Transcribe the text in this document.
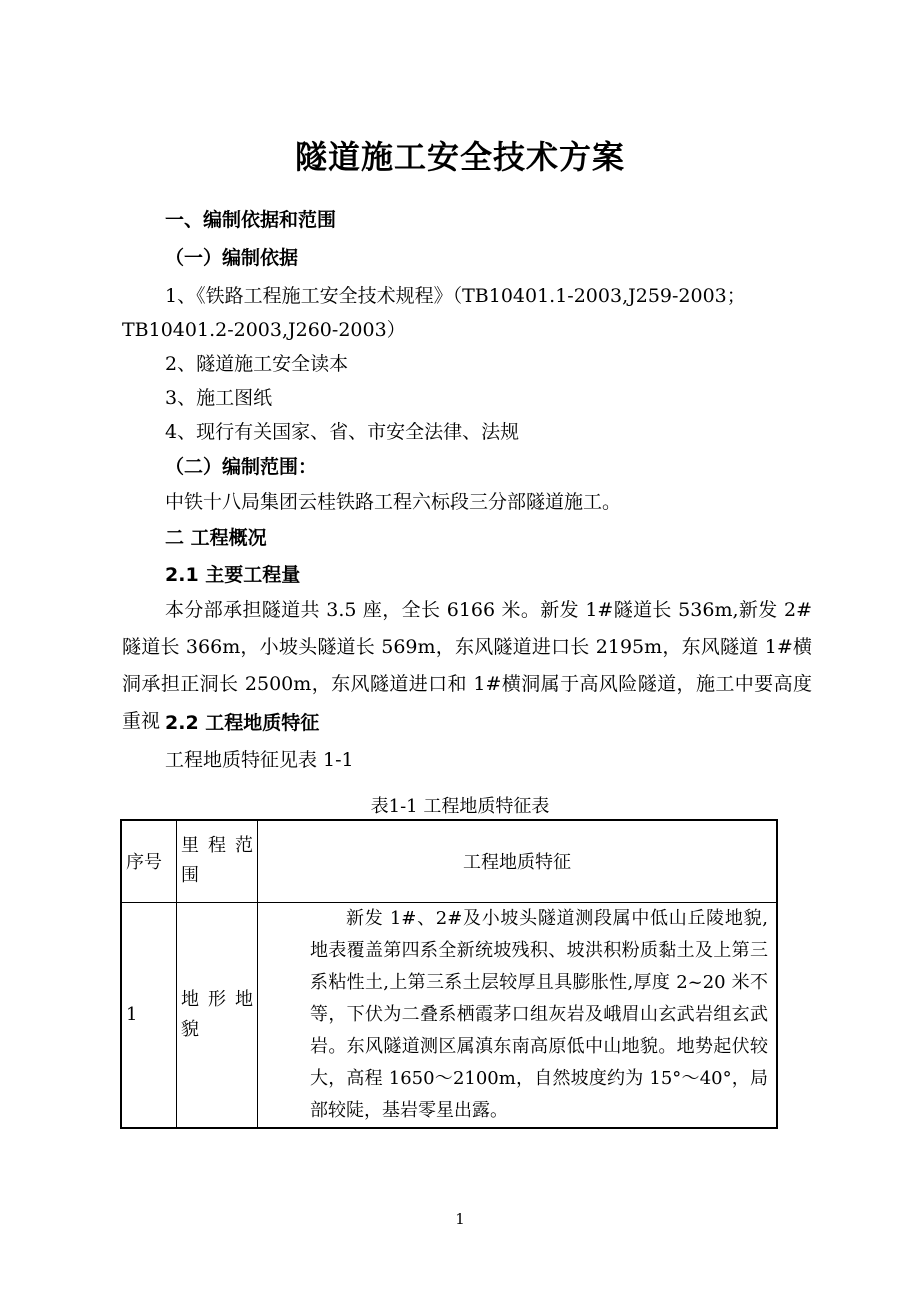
隧道施工安全技术方案
一、编制依据和范围
（一）编制依据
1、《铁路工程施工安全技术规程》（TB10401.1-2003,J259-2003；
TB10401.2-2003,J260-2003）
2、隧道施工安全读本
3、施工图纸
4、现行有关国家、省、市安全法律、法规
（二）编制范围：
中铁十八局集团云桂铁路工程六标段三分部隧道施工。
二 工程概况
2.1 主要工程量
本分部承担隧道共 3.5 座，全长 6166 米。新发 1#隧道长 536m,新发 2#隧道长 366m，小坡头隧道长 569m，东风隧道进口长 2195m，东风隧道 1#横洞承担正洞长 2500m，东风隧道进口和 1#横洞属于高风险隧道，施工中要高度重视 2.2 工程地质特征
工程地质特征见表 1-1
表1-1 工程地质特征表
序号	里 程 范 围	工程地质特征
1	地 形 地 貌	新发 1#、2#及小坡头隧道测段属中低山丘陵地貌,地表覆盖第四系全新统坡残积、坡洪积粉质黏土及上第三系粘性土,上第三系土层较厚且具膨胀性,厚度 2~20 米不等，下伏为二叠系栖霞茅口组灰岩及峨眉山玄武岩组玄武岩。东风隧道测区属滇东南高原低中山地貌。地势起伏较大，高程 1650～2100m，自然坡度约为 15°～40°，局部较陡，基岩零星出露。
1
